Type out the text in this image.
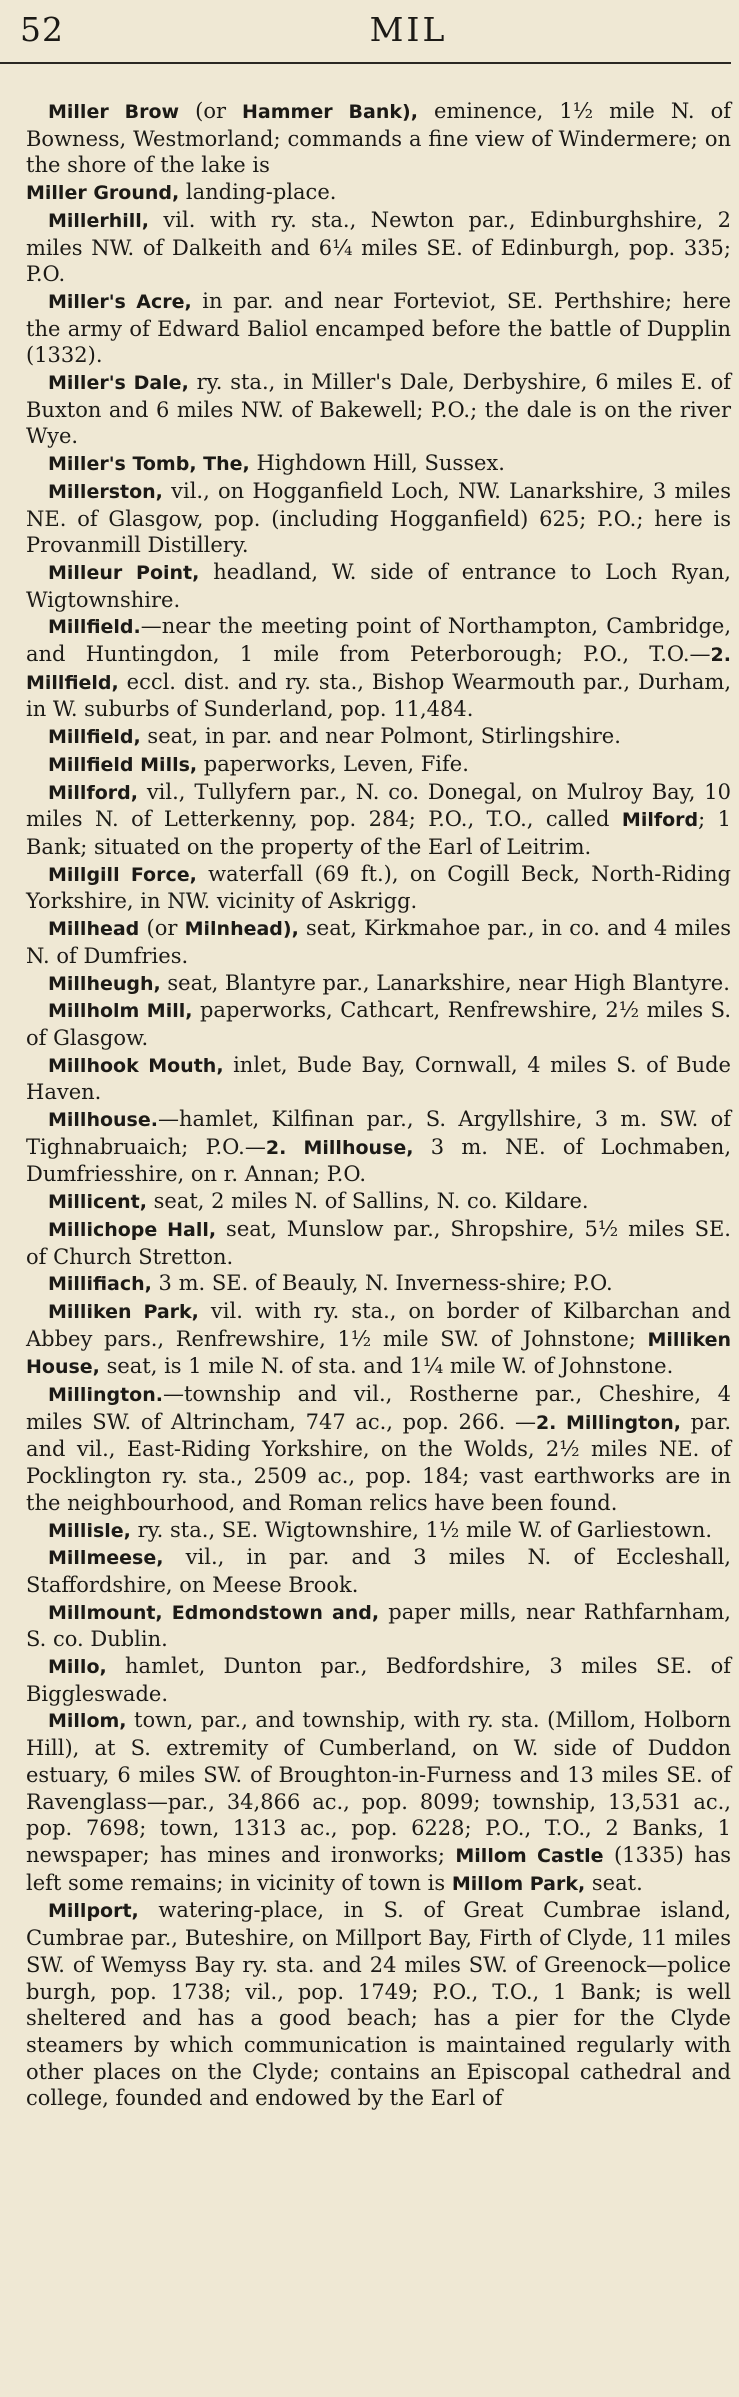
52	MIL

Miller Brow (or Hammer Bank), eminence, 1½ mile N. of Bowness, Westmorland; commands a fine view of Windermere; on the shore of the lake is

Miller Ground, landing-place.

Millerhill, vil. with ry. sta., Newton par., Edinburghshire, 2 miles NW. of Dalkeith and 6¼ miles SE. of Edinburgh, pop. 335; P.O.

Miller's Acre, in par. and near Forteviot, SE. Perthshire; here the army of Edward Baliol encamped before the battle of Dupplin (1332).

Miller's Dale, ry. sta., in Miller's Dale, Derbyshire, 6 miles E. of Buxton and 6 miles NW. of Bakewell; P.O.; the dale is on the river Wye.

Miller's Tomb, The, Highdown Hill, Sussex.

Millerston, vil., on Hogganfield Loch, NW. Lanarkshire, 3 miles NE. of Glasgow, pop. (including Hogganfield) 625; P.O.; here is Provanmill Distillery.

Milleur Point, headland, W. side of entrance to Loch Ryan, Wigtownshire.

Millfield.—near the meeting point of Northampton, Cambridge, and Huntingdon, 1 mile from Peterborough; P.O., T.O.—2. Millfield, eccl. dist. and ry. sta., Bishop Wearmouth par., Durham, in W. suburbs of Sunderland, pop. 11,484.

Millfield, seat, in par. and near Polmont, Stirlingshire.

Millfield Mills, paperworks, Leven, Fife.

Millford, vil., Tullyfern par., N. co. Donegal, on Mulroy Bay, 10 miles N. of Letterkenny, pop. 284; P.O., T.O., called Milford; 1 Bank; situated on the property of the Earl of Leitrim.

Millgill Force, waterfall (69 ft.), on Cogill Beck, North-Riding Yorkshire, in NW. vicinity of Askrigg.

Millhead (or Milnhead), seat, Kirkmahoe par., in co. and 4 miles N. of Dumfries.

Millheugh, seat, Blantyre par., Lanarkshire, near High Blantyre.

Millholm Mill, paperworks, Cathcart, Renfrewshire, 2½ miles S. of Glasgow.

Millhook Mouth, inlet, Bude Bay, Cornwall, 4 miles S. of Bude Haven.

Millhouse.—hamlet, Kilfinan par., S. Argyllshire, 3 m. SW. of Tighnabruaich; P.O.—2. Millhouse, 3 m. NE. of Lochmaben, Dumfriesshire, on r. Annan; P.O.

Millicent, seat, 2 miles N. of Sallins, N. co. Kildare.

Millichope Hall, seat, Munslow par., Shropshire, 5½ miles SE. of Church Stretton.

Millifiach, 3 m. SE. of Beauly, N. Inverness-shire; P.O.

Milliken Park, vil. with ry. sta., on border of Kilbarchan and Abbey pars., Renfrewshire, 1½ mile SW. of Johnstone; Milliken House, seat, is 1 mile N. of sta. and 1¼ mile W. of Johnstone.

Millington.—township and vil., Rostherne par., Cheshire, 4 miles SW. of Altrincham, 747 ac., pop. 266. —2. Millington, par. and vil., East-Riding Yorkshire, on the Wolds, 2½ miles NE. of Pocklington ry. sta., 2509 ac., pop. 184; vast earthworks are in the neighbourhood, and Roman relics have been found.

Millisle, ry. sta., SE. Wigtownshire, 1½ mile W. of Garliestown.

Millmeese, vil., in par. and 3 miles N. of Eccleshall, Staffordshire, on Meese Brook.

Millmount, Edmondstown and, paper mills, near Rathfarnham, S. co. Dublin.

Millo, hamlet, Dunton par., Bedfordshire, 3 miles SE. of Biggleswade.

Millom, town, par., and township, with ry. sta. (Millom, Holborn Hill), at S. extremity of Cumberland, on W. side of Duddon estuary, 6 miles SW. of Broughton-in-Furness and 13 miles SE. of Ravenglass—par., 34,866 ac., pop. 8099; township, 13,531 ac., pop. 7698; town, 1313 ac., pop. 6228; P.O., T.O., 2 Banks, 1 newspaper; has mines and ironworks; Millom Castle (1335) has left some remains; in vicinity of town is Millom Park, seat.

Millport, watering-place, in S. of Great Cumbrae island, Cumbrae par., Buteshire, on Millport Bay, Firth of Clyde, 11 miles SW. of Wemyss Bay ry. sta. and 24 miles SW. of Greenock—police burgh, pop. 1738; vil., pop. 1749; P.O., T.O., 1 Bank; is well sheltered and has a good beach; has a pier for the Clyde steamers by which communication is maintained regularly with other places on the Clyde; contains an Episcopal cathedral and college, founded and endowed by the Earl of
